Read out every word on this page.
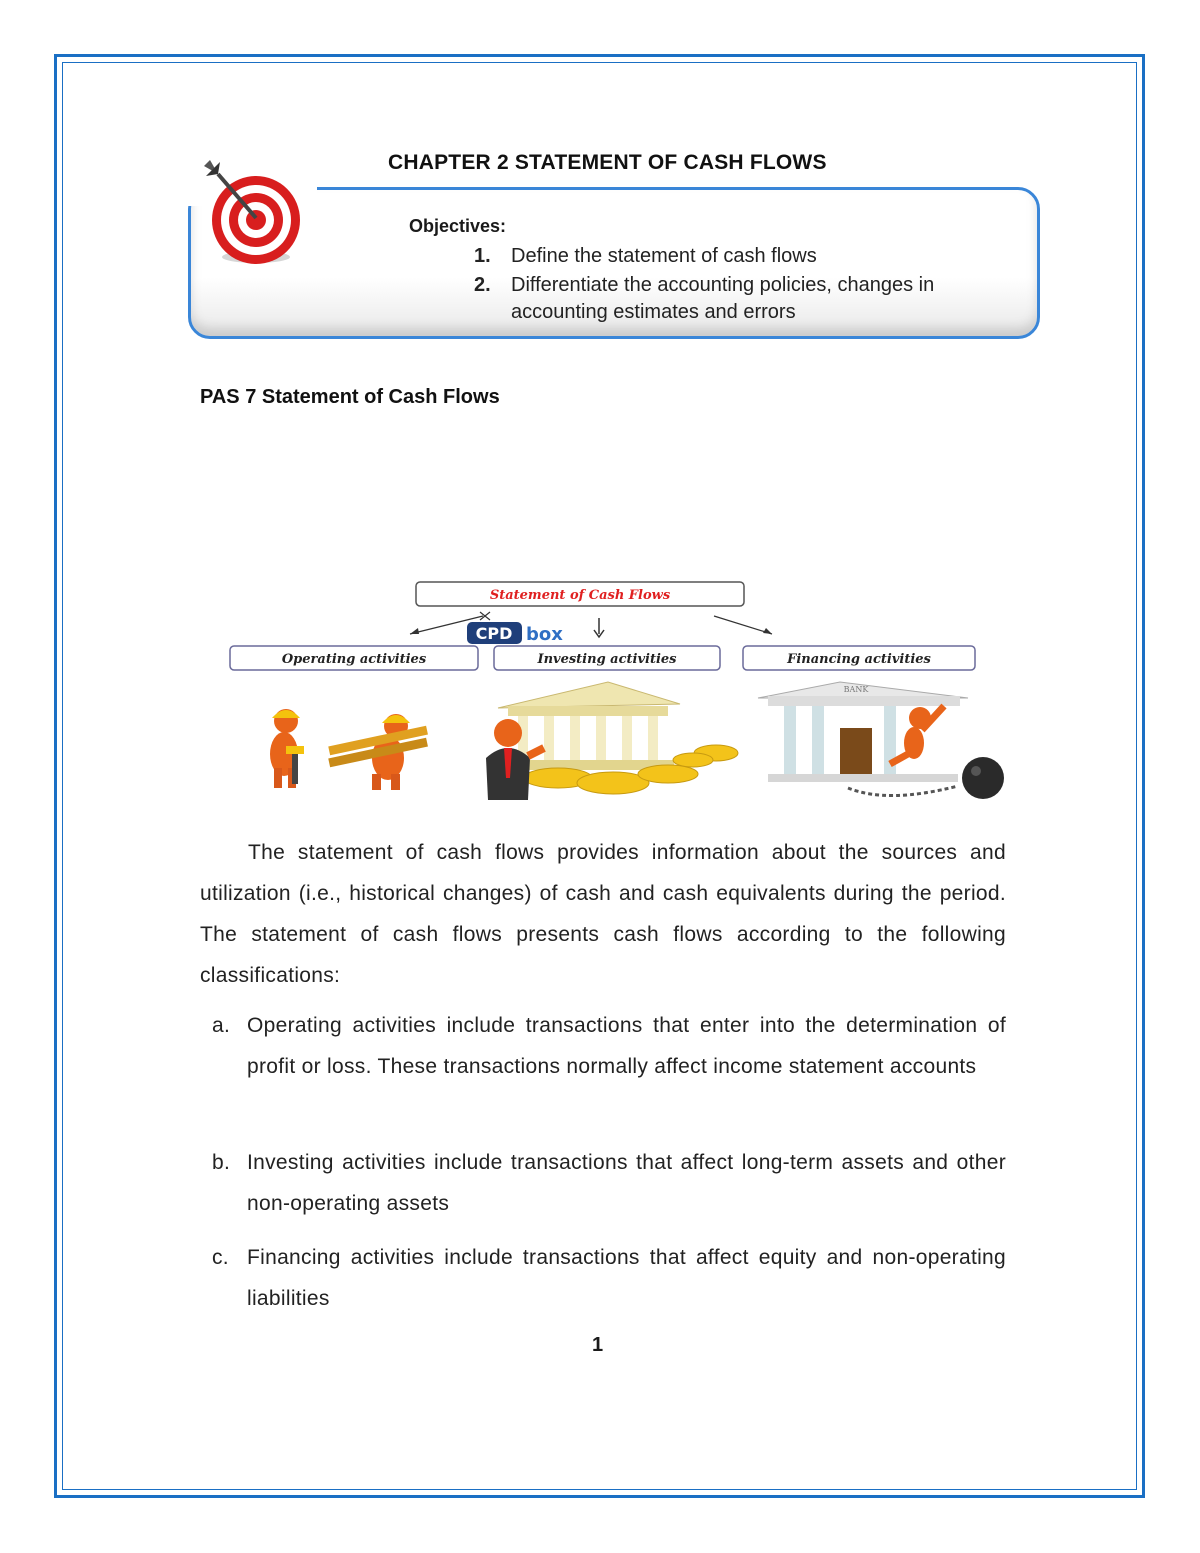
CHAPTER 2 STATEMENT OF CASH FLOWS
Objectives:
1.	Define the statement of cash flows
2.	Differentiate the accounting policies, changes in accounting estimates and errors
PAS 7 Statement of Cash Flows
Statement of Cash Flows
CPD box
Operating activities	Investing activities	Financing activities
BANK

The statement of cash flows provides information about the sources and utilization (i.e., historical changes) of cash and cash equivalents during the period. The statement of cash flows presents cash flows according to the following classifications:

a. Operating activities include transactions that enter into the determination of profit or loss. These transactions normally affect income statement accounts
b. Investing activities include transactions that affect long-term assets and other non-operating assets
c. Financing activities include transactions that affect equity and non-operating liabilities
1
